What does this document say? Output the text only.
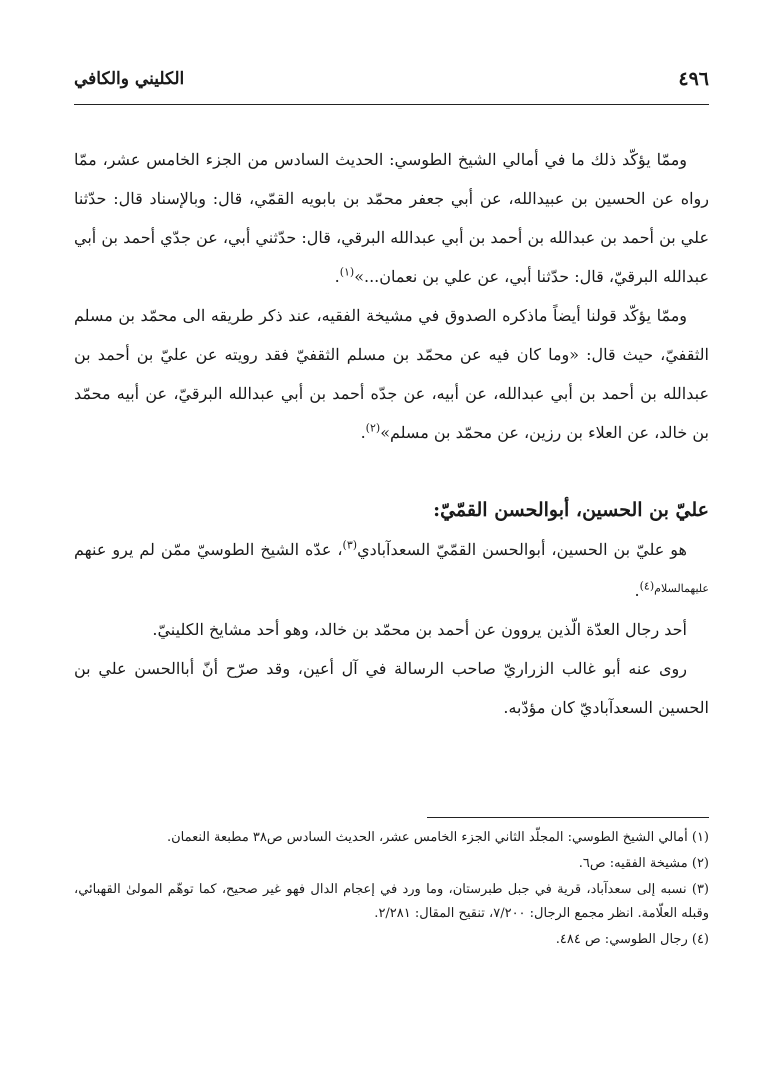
٤٩٦
الكليني والكافي

وممّا يؤكّد ذلك ما في أمالي الشيخ الطوسي: الحديث السادس من الجزء الخامس عشر، ممّا رواه عن الحسين بن عبيدالله، عن أبي جعفر محمّد بن بابويه القمّي، قال: وبالإسناد قال: حدّثنا علي بن أحمد بن عبدالله بن أحمد بن أبي عبدالله البرقي، قال: حدّثني أبي، عن جدّي أحمد بن أبي عبدالله البرقيّ، قال: حدّثنا أبي، عن علي بن نعمان...»$^{(١)}$.

وممّا يؤكّد قولنا أيضاً ماذكره الصدوق في مشيخة الفقيه، عند ذكر طريقه الى محمّد بن مسلم الثقفيّ، حيث قال: «وما كان فيه عن محمّد بن مسلم الثقفيّ فقد رويته عن عليّ بن أحمد بن عبدالله بن أحمد بن أبي عبدالله، عن أبيه، عن جدّه أحمد بن أبي عبدالله البرقيّ، عن أبيه محمّد بن خالد، عن العلاء بن رزين، عن محمّد بن مسلم»$^{(٢)}$.

عليّ بن الحسين، أبوالحسن القمّيّ:

هو عليّ بن الحسين، أبوالحسن القمّيّ السعدآبادي$^{(٣)}$، عدّه الشيخ الطوسيّ ممّن لم يرو عنهم $^{عليهمالسلام(٤)}$.

أحد رجال العدّة الّذين يروون عن أحمد بن محمّد بن خالد، وهو أحد مشايخ الكلينيّ.

روى عنه أبو غالب الزراريّ صاحب الرسالة في آل أعين، وقد صرّح أنّ أباالحسن علي بن الحسين السعدآباديّ كان مؤدّبه.

(١) أمالي الشيخ الطوسي: المجلّد الثاني الجزء الخامس عشر، الحديث السادس ص٣٨ مطبعة النعمان.

(٢) مشيخة الفقيه: ص٦.

(٣) نسبه إلى سعدآباد، قرية في جبل طبرستان، وما ورد في إعجام الدال فهو غير صحيح، كما توهّم المولىٰ القهبائي، وقبله العلّامة. انظر مجمع الرجال: ٧/٢٠٠، تنقيح المقال: ٢/٢٨١.

(٤) رجال الطوسي: ص ٤٨٤.
